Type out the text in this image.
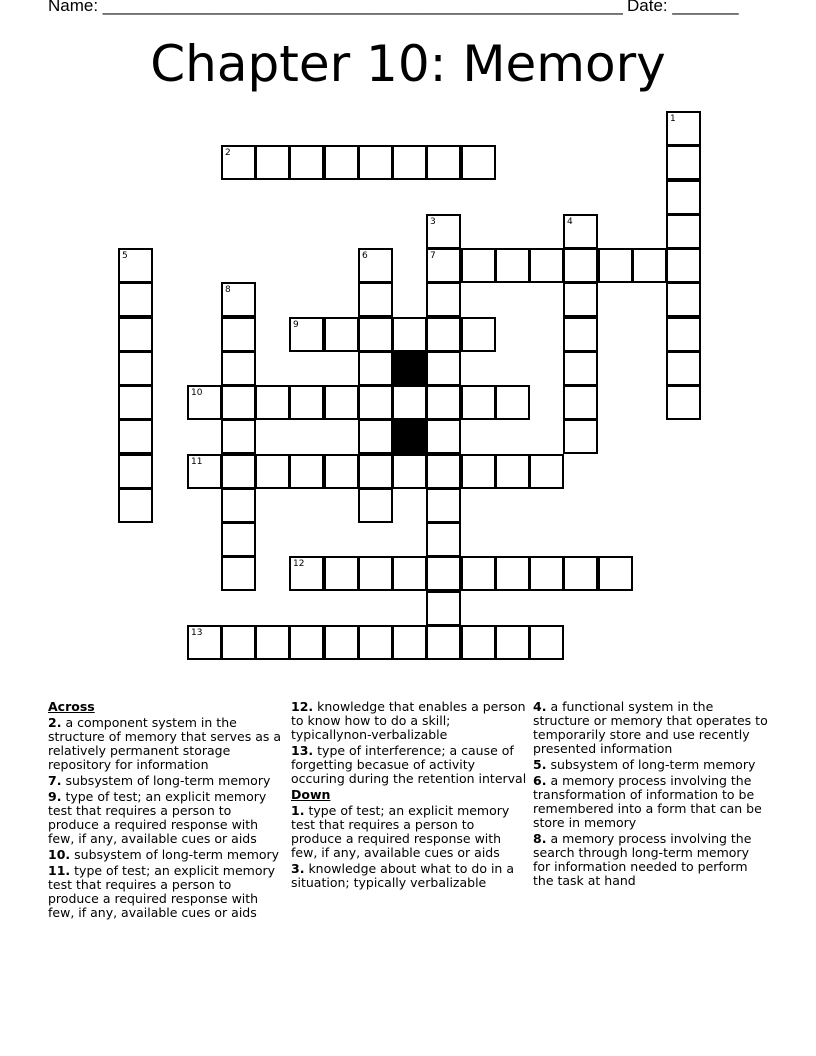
Name: _______________________________________________________ Date: _______
Chapter 10: Memory
2
7
9
10
11
12
13
1
3	4
5	6
8
Across
2. a component system in the structure of memory that serves as a relatively permanent storage repository for information
7. subsystem of long-term memory
9. type of test; an explicit memory test that requires a person to produce a required response with few, if any, available cues or aids
10. subsystem of long-term memory
11. type of test; an explicit memory test that requires a person to produce a required response with few, if any, available cues or aids
12. knowledge that enables a person to know how to do a skill; typicallynon-verbalizable
13. type of interference; a cause of forgetting becasue of activity occuring during the retention interval
Down
1. type of test; an explicit memory test that requires a person to produce a required response with few, if any, available cues or aids
3. knowledge about what to do in a situation; typically verbalizable
4. a functional system in the structure or memory that operates to temporarily store and use recently presented information
5. subsystem of long-term memory
6. a memory process involving the transformation of information to be remembered into a form that can be store in memory
8. a memory process involving the search through long-term memory for information needed to perform the task at hand
